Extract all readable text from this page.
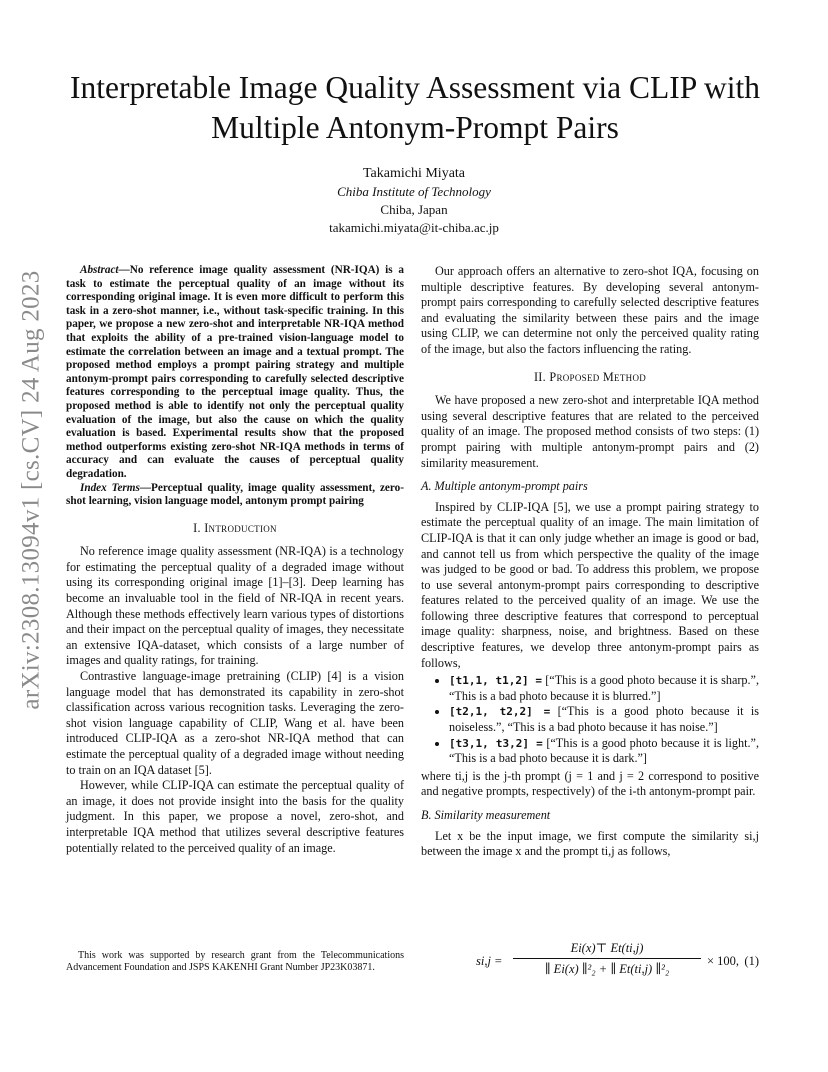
arXiv:2308.13094v1 [cs.CV] 24 Aug 2023
Interpretable Image Quality Assessment via CLIP with Multiple Antonym-Prompt Pairs
Takamichi Miyata
Chiba Institute of Technology
Chiba, Japan
takamichi.miyata@it-chiba.ac.jp

Abstract—No reference image quality assessment (NR-IQA) is a task to estimate the perceptual quality of an image without its corresponding original image. It is even more difficult to perform this task in a zero-shot manner, i.e., without task-specific training. In this paper, we propose a new zero-shot and interpretable NR-IQA method that exploits the ability of a pre-trained vision-language model to estimate the correlation between an image and a textual prompt. The proposed method employs a prompt pairing strategy and multiple antonym-prompt pairs corresponding to carefully selected descriptive features corresponding to the perceptual image quality. Thus, the proposed method is able to identify not only the perceptual quality evaluation of the image, but also the cause on which the quality evaluation is based. Experimental results show that the proposed method outperforms existing zero-shot NR-IQA methods in terms of accuracy and can evaluate the causes of perceptual quality degradation.

Index Terms—Perceptual quality, image quality assessment, zero-shot learning, vision language model, antonym prompt pairing

I. Introduction

No reference image quality assessment (NR-IQA) is a technology for estimating the perceptual quality of a degraded image without using its corresponding original image [1]–[3]. Deep learning has become an invaluable tool in the field of NR-IQA in recent years. Although these methods effectively learn various types of distortions and their impact on the perceptual quality of images, they necessitate an extensive IQA-dataset, which consists of a large number of images and quality ratings, for training.

Contrastive language-image pretraining (CLIP) [4] is a vision language model that has demonstrated its capability in zero-shot classification across various recognition tasks. Leveraging the zero-shot vision language capability of CLIP, Wang et al. have been introduced CLIP-IQA as a zero-shot NR-IQA method that can estimate the perceptual quality of a degraded image without needing to train on an IQA dataset [5].

However, while CLIP-IQA can estimate the perceptual quality of an image, it does not provide insight into the basis for the quality judgment. In this paper, we propose a novel, zero-shot, and interpretable IQA method that utilizes several descriptive features potentially related to the perceived quality of an image.

This work was supported by research grant from the Telecommunications Advancement Foundation and JSPS KAKENHI Grant Number JP23K03871.

Our approach offers an alternative to zero-shot IQA, focusing on multiple descriptive features. By developing several antonym-prompt pairs corresponding to carefully selected descriptive features and evaluating the similarity between these pairs and the image using CLIP, we can determine not only the perceived quality rating of the image, but also the factors influencing the rating.

II. Proposed Method

We have proposed a new zero-shot and interpretable IQA method using several descriptive features that are related to the perceived quality of an image. The proposed method consists of two steps: (1) prompt pairing with multiple antonym-prompt pairs and (2) similarity measurement.

A. Multiple antonym-prompt pairs

Inspired by CLIP-IQA [5], we use a prompt pairing strategy to estimate the perceptual quality of an image. The main limitation of CLIP-IQA is that it can only judge whether an image is good or bad, and cannot tell us from which perspective the quality of the image was judged to be good or bad. To address this problem, we propose to use several antonym-prompt pairs corresponding to descriptive features related to the perceived quality of an image. We use the following three descriptive features that correspond to perceptual image quality: sharpness, noise, and brightness. Based on these descriptive features, we develop three antonym-prompt pairs as follows,

• [t1,1, t1,2] = [“This is a good photo because it is sharp.”, “This is a bad photo because it is blurred.”]
• [t2,1, t2,2] = [“This is a good photo because it is noiseless.”, “This is a bad photo because it has noise.”]
• [t3,1, t3,2] = [“This is a good photo because it is light.”, “This is a bad photo because it is dark.”]

where ti,j is the j-th prompt (j = 1 and j = 2 correspond to positive and negative prompts, respectively) of the i-th antonym-prompt pair.

B. Similarity measurement

Let x be the input image, we first compute the similarity si,j between the image x and the prompt ti,j as follows,

si,j =
Ei(x)⊤ Et(ti,j)
∥ Ei(x) ∥²₂ + ∥ Et(ti,j) ∥²₂
× 100, (1)
